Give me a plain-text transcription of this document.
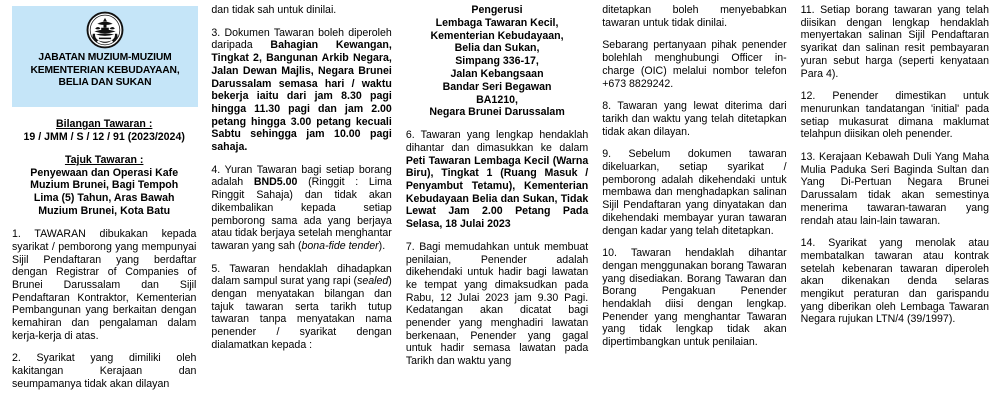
JABATAN MUZIUM-MUZIUM
KEMENTERIAN KEBUDAYAAN,
BELIA DAN SUKAN
Bilangan Tawaran :
19 / JMM / S / 12 / 91 (2023/2024)
Tajuk Tawaran :
Penyewaan dan Operasi Kafe
Muzium Brunei, Bagi Tempoh
Lima (5) Tahun, Aras Bawah
Muzium Brunei, Kota Batu

1. TAWARAN dibukakan kepada syarikat / pemborong yang mempunyai Sijil Pendaftaran yang berdaftar dengan Registrar of Companies of Brunei Darussalam dan Sijil Pendaftaran Kontraktor, Kementerian Pembangunan yang berkaitan dengan kemahiran dan pengalaman dalam kerja-kerja di atas.

2. Syarikat yang dimiliki oleh kakitangan Kerajaan dan seumpamanya tidak akan dilayan

dan tidak sah untuk dinilai.

3. Dokumen Tawaran boleh diperoleh daripada Bahagian Kewangan, Tingkat 2, Bangunan Arkib Negara, Jalan Dewan Majlis, Negara Brunei Darussalam semasa hari / waktu bekerja iaitu dari jam 8.30 pagi hingga 11.30 pagi dan jam 2.00 petang hingga 3.00 petang kecuali Sabtu sehingga jam 10.00 pagi sahaja.

4. Yuran Tawaran bagi setiap borang adalah BND5.00 (Ringgit : Lima Ringgit Sahaja) dan tidak akan dikembalikan kepada setiap pemborong sama ada yang berjaya atau tidak berjaya setelah menghantar tawaran yang sah (bona-fide tender).

5. Tawaran hendaklah dihadapkan dalam sampul surat yang rapi (sealed) dengan menyatakan bilangan dan tajuk tawaran serta tarikh tutup tawaran tanpa menyatakan nama penender / syarikat dengan dialamatkan kepada :

Pengerusi
Lembaga Tawaran Kecil,
Kementerian Kebudayaan,
Belia dan Sukan,
Simpang 336-17,
Jalan Kebangsaan
Bandar Seri Begawan
BA1210,
Negara Brunei Darussalam

6. Tawaran yang lengkap hendaklah dihantar dan dimasukkan ke dalam Peti Tawaran Lembaga Kecil (Warna Biru), Tingkat 1 (Ruang Masuk / Penyambut Tetamu), Kementerian Kebudayaan Belia dan Sukan, Tidak Lewat Jam 2.00 Petang Pada Selasa, 18 Julai 2023

7. Bagi memudahkan untuk membuat penilaian, Penender adalah dikehendaki untuk hadir bagi lawatan ke tempat yang dimaksudkan pada Rabu, 12 Julai 2023 jam 9.30 Pagi. Kedatangan akan dicatat bagi penender yang menghadiri lawatan berkenaan, Penender yang gagal untuk hadir semasa lawatan pada Tarikh dan waktu yang

ditetapkan boleh menyebabkan tawaran untuk tidak dinilai.

Sebarang pertanyaan pihak penender bolehlah menghubungi Officer in-charge (OIC) melalui nombor telefon +673 8829242.

8. Tawaran yang lewat diterima dari tarikh dan waktu yang telah ditetapkan tidak akan dilayan.

9. Sebelum dokumen tawaran dikeluarkan, setiap syarikat / pemborong adalah dikehendaki untuk membawa dan menghadapkan salinan Sijil Pendaftaran yang dinyatakan dan dikehendaki membayar yuran tawaran dengan kadar yang telah ditetapkan.

10. Tawaran hendaklah dihantar dengan menggunakan borang Tawaran yang disediakan. Borang Tawaran dan Borang Pengakuan Penender hendaklah diisi dengan lengkap. Penender yang menghantar Tawaran yang tidak lengkap tidak akan dipertimbangkan untuk penilaian.

11. Setiap borang tawaran yang telah diisikan dengan lengkap hendaklah menyertakan salinan Sijil Pendaftaran syarikat dan salinan resit pembayaran yuran sebut harga (seperti kenyataan Para 4).

12. Penender dimestikan untuk menurunkan tandatangan 'initial' pada setiap mukasurat dimana maklumat telahpun diisikan oleh penender.

13. Kerajaan Kebawah Duli Yang Maha Mulia Paduka Seri Baginda Sultan dan Yang Di-Pertuan Negara Brunei Darussalam tidak akan semestinya menerima tawaran-tawaran yang rendah atau lain-lain tawaran.

14. Syarikat yang menolak atau membatalkan tawaran atau kontrak setelah kebenaran tawaran diperoleh akan dikenakan denda selaras mengikut peraturan dan garispandu yang diberikan oleh Lembaga Tawaran Negara rujukan LTN/4 (39/1997).
